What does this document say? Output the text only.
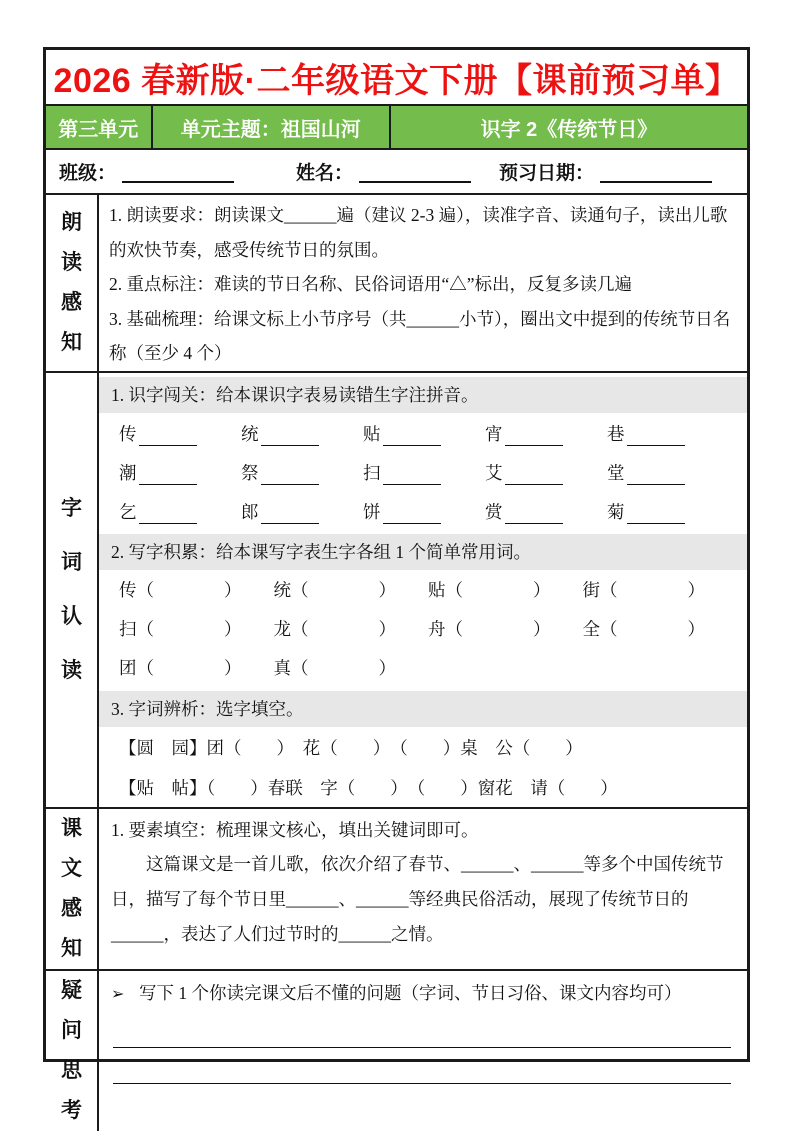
2026 春新版·二年级语文下册【课前预习单】
第三单元	单元主题：祖国山河	识字 2《传统节日》
班级：	姓名：	预习日期：
朗读感知

1. 朗读要求：朗读课文______遍（建议 2-3 遍），读准字音、读通句子，读出儿歌的欢快节奏，感受传统节日的氛围。

2. 重点标注：难读的节日名称、民俗词语用“△”标出，反复多读几遍

3. 基础梳理：给课文标上小节序号（共______小节），圈出文中提到的传统节日名称（至少 4 个）

字词认读
1. 识字闯关：给本课识字表易读错生字注拼音。
传	统	贴	宵	巷
潮	祭	扫	艾	堂
乞	郎	饼	赏	菊
2. 写字积累：给本课写字表生字各组 1 个简单常用词。
传（　　　　）	统（　　　　）	贴（　　　　）	街（　　　　）
扫（　　　　）	龙（　　　　）	舟（　　　　）	全（　　　　）
团（　　　　）	真（　　　　）
3. 字词辨析：选字填空。
【圆　园】团（　　）　花（　　）　（　　）桌　公（　　）
【贴　帖】（　　）春联　字（　　）　（　　）窗花　请（　　）
课文感知
1. 要素填空：梳理课文核心，填出关键词即可。
这篇课文是一首儿歌，依次介绍了春节、______、______等多个中国传统节日，描写了每个节日里______、______等经典民俗活动，展现了传统节日的______，表达了人们过节时的______之情。
疑问思考
➢ 写下 1 个你读完课文后不懂的问题（字词、节日习俗、课文内容均可）
